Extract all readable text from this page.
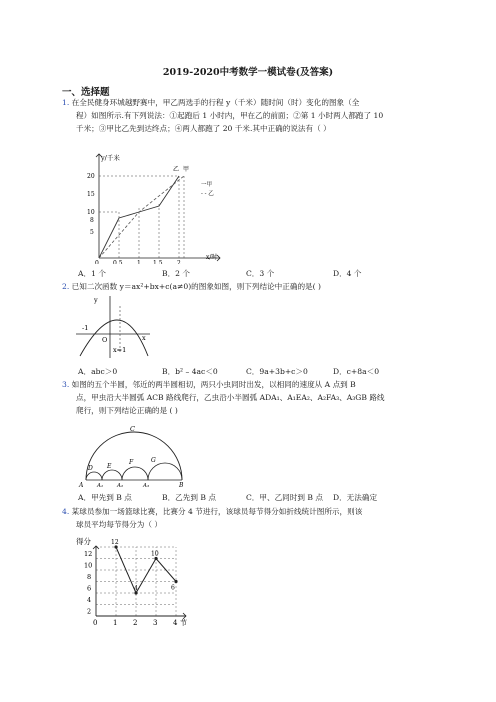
2019-2020中考数学一模试卷(及答案)
一、选择题
1. 在全民健身环城越野赛中，甲乙两选手的行程 y（千米）随时间（时）变化的图象（全
程）如图所示.有下列说法：①起跑后 1 小时内，甲在乙的前面；②第 1 小时两人都跑了 10
千米；③甲比乙先到达终点；④两人都跑了 20 千米.其中正确的说法有（ ）
y/千米
x/时
20
15
10
8
5
0 0.5 1 1.5 2
乙 甲
一甲
- - 乙
A．1 个	B．2 个	C．3 个	D．4 个
2. 已知二次函数 y＝ax²+bx+c(a≠0)的图象如图，则下列结论中正确的是( )
y
x
-1
O
x=1
A．abc＞0	B．b² – 4ac＜0	C．9a+3b+c＞0	D．c+8a＜0
3. 如图的五个半圆，邻近的两半圆相切，两只小虫同时出发，以相同的速度从 A 点到 B
点，甲虫沿大半圆弧 ACB 路线爬行，乙虫沿小半圆弧 ADA₁、A₁EA₂、A₂FA₃、A₃GB 路线
爬行，则下列结论正确的是 ( )
C
D E
F	G
A A₁	A₂	A₃	B
A．甲先到 B 点	B．乙先到 B 点	C．甲、乙同时到 B 点 D．无法确定
4. 某球员参加一场篮球比赛，比赛分 4 节进行，该球员每节得分如折线统计图所示，则该
球员平均每节得分为（ ）
得分
12
10
8
6
4
2
0 1 2 3 4 节
12
4
10
6
